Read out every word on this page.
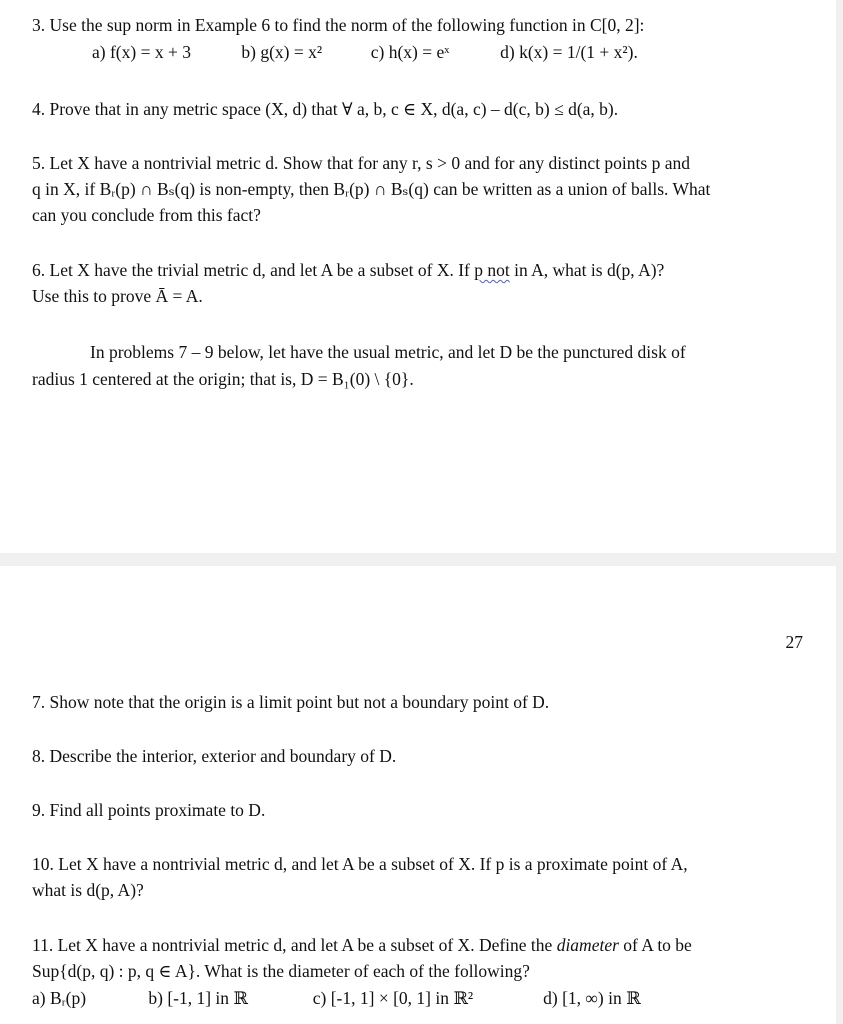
3. Use the sup norm in Example 6 to find the norm of the following function in C[0, 2]:
a) f(x) = x + 3	b) g(x) = x²	c) h(x) = eˣ	d) k(x) = 1/(1 + x²).
4. Prove that in any metric space (X, d) that ∀ a, b, c ∈ X, d(a, c) – d(c, b) ≤ d(a, b).
5. Let X have a nontrivial metric d. Show that for any r, s > 0 and for any distinct points p and
q in X, if Bᵣ(p) ∩ Bₛ(q) is non-empty, then Bᵣ(p) ∩ Bₛ(q) can be written as a union of balls. What
can you conclude from this fact?
6. Let X have the trivial metric d, and let A be a subset of X. If p not in A, what is d(p, A)?
Use this to prove Ā = A.
In problems 7 – 9 below, let have the usual metric, and let D be the punctured disk of
radius 1 centered at the origin; that is, D = B₁(0) \ {0}.
27
7. Show note that the origin is a limit point but not a boundary point of D.
8. Describe the interior, exterior and boundary of D.
9. Find all points proximate to D.
10. Let X have a nontrivial metric d, and let A be a subset of X. If p is a proximate point of A,
what is d(p, A)?
11. Let X have a nontrivial metric d, and let A be a subset of X. Define the diameter of A to be
Sup{d(p, q) : p, q ∈ A}. What is the diameter of each of the following?
a) Bᵣ(p)	b) [-1, 1] in ℝ	c) [-1, 1] × [0, 1] in ℝ²	d) [1, ∞) in ℝ
